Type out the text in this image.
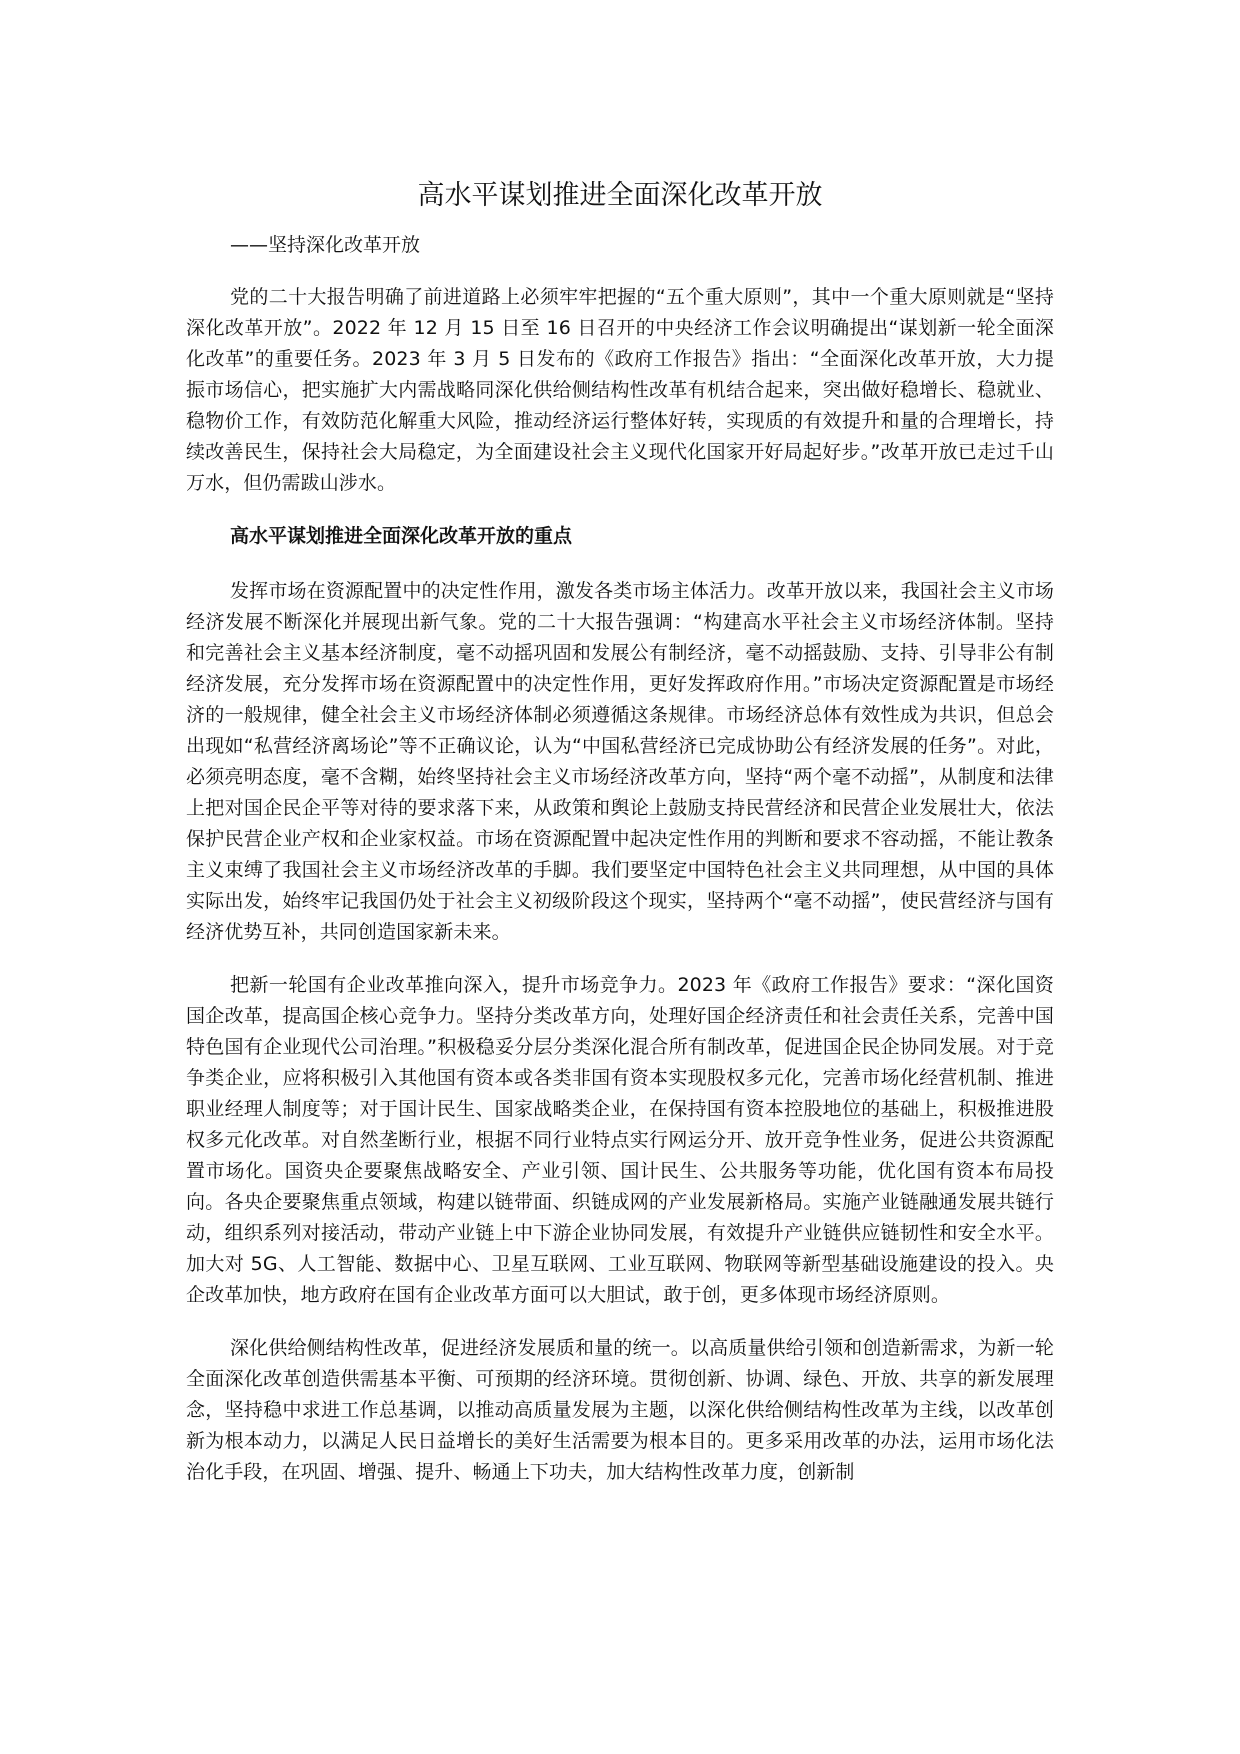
高水平谋划推进全面深化改革开放

——坚持深化改革开放

党的二十大报告明确了前进道路上必须牢牢把握的“五个重大原则”，其中一个重大原则就是“坚持深化改革开放”。2022 年 12 月 15 日至 16 日召开的中央经济工作会议明确提出“谋划新一轮全面深化改革”的重要任务。2023 年 3 月 5 日发布的《政府工作报告》指出：“全面深化改革开放，大力提振市场信心，把实施扩大内需战略同深化供给侧结构性改革有机结合起来，突出做好稳增长、稳就业、稳物价工作，有效防范化解重大风险，推动经济运行整体好转，实现质的有效提升和量的合理增长，持续改善民生，保持社会大局稳定，为全面建设社会主义现代化国家开好局起好步。”改革开放已走过千山万水，但仍需跋山涉水。

高水平谋划推进全面深化改革开放的重点

发挥市场在资源配置中的决定性作用，激发各类市场主体活力。改革开放以来，我国社会主义市场经济发展不断深化并展现出新气象。党的二十大报告强调：“构建高水平社会主义市场经济体制。坚持和完善社会主义基本经济制度，毫不动摇巩固和发展公有制经济，毫不动摇鼓励、支持、引导非公有制经济发展，充分发挥市场在资源配置中的决定性作用，更好发挥政府作用。”市场决定资源配置是市场经济的一般规律，健全社会主义市场经济体制必须遵循这条规律。市场经济总体有效性成为共识，但总会出现如“私营经济离场论”等不正确议论，认为“中国私营经济已完成协助公有经济发展的任务”。对此，必须亮明态度，毫不含糊，始终坚持社会主义市场经济改革方向，坚持“两个毫不动摇”，从制度和法律上把对国企民企平等对待的要求落下来，从政策和舆论上鼓励支持民营经济和民营企业发展壮大，依法保护民营企业产权和企业家权益。市场在资源配置中起决定性作用的判断和要求不容动摇，不能让教条主义束缚了我国社会主义市场经济改革的手脚。我们要坚定中国特色社会主义共同理想，从中国的具体实际出发，始终牢记我国仍处于社会主义初级阶段这个现实，坚持两个“毫不动摇”，使民营经济与国有经济优势互补，共同创造国家新未来。

把新一轮国有企业改革推向深入，提升市场竞争力。2023 年《政府工作报告》要求：“深化国资国企改革，提高国企核心竞争力。坚持分类改革方向，处理好国企经济责任和社会责任关系，完善中国特色国有企业现代公司治理。”积极稳妥分层分类深化混合所有制改革，促进国企民企协同发展。对于竞争类企业，应将积极引入其他国有资本或各类非国有资本实现股权多元化，完善市场化经营机制、推进职业经理人制度等；对于国计民生、国家战略类企业，在保持国有资本控股地位的基础上，积极推进股权多元化改革。对自然垄断行业，根据不同行业特点实行网运分开、放开竞争性业务，促进公共资源配置市场化。国资央企要聚焦战略安全、产业引领、国计民生、公共服务等功能，优化国有资本布局投向。各央企要聚焦重点领域，构建以链带面、织链成网的产业发展新格局。实施产业链融通发展共链行动，组织系列对接活动，带动产业链上中下游企业协同发展，有效提升产业链供应链韧性和安全水平。加大对 5G、人工智能、数据中心、卫星互联网、工业互联网、物联网等新型基础设施建设的投入。央企改革加快，地方政府在国有企业改革方面可以大胆试，敢于创，更多体现市场经济原则。

深化供给侧结构性改革，促进经济发展质和量的统一。以高质量供给引领和创造新需求，为新一轮全面深化改革创造供需基本平衡、可预期的经济环境。贯彻创新、协调、绿色、开放、共享的新发展理念，坚持稳中求进工作总基调，以推动高质量发展为主题，以深化供给侧结构性改革为主线，以改革创新为根本动力，以满足人民日益增长的美好生活需要为根本目的。更多采用改革的办法，运用市场化法治化手段，在巩固、增强、提升、畅通上下功夫，加大结构性改革力度，创新制
